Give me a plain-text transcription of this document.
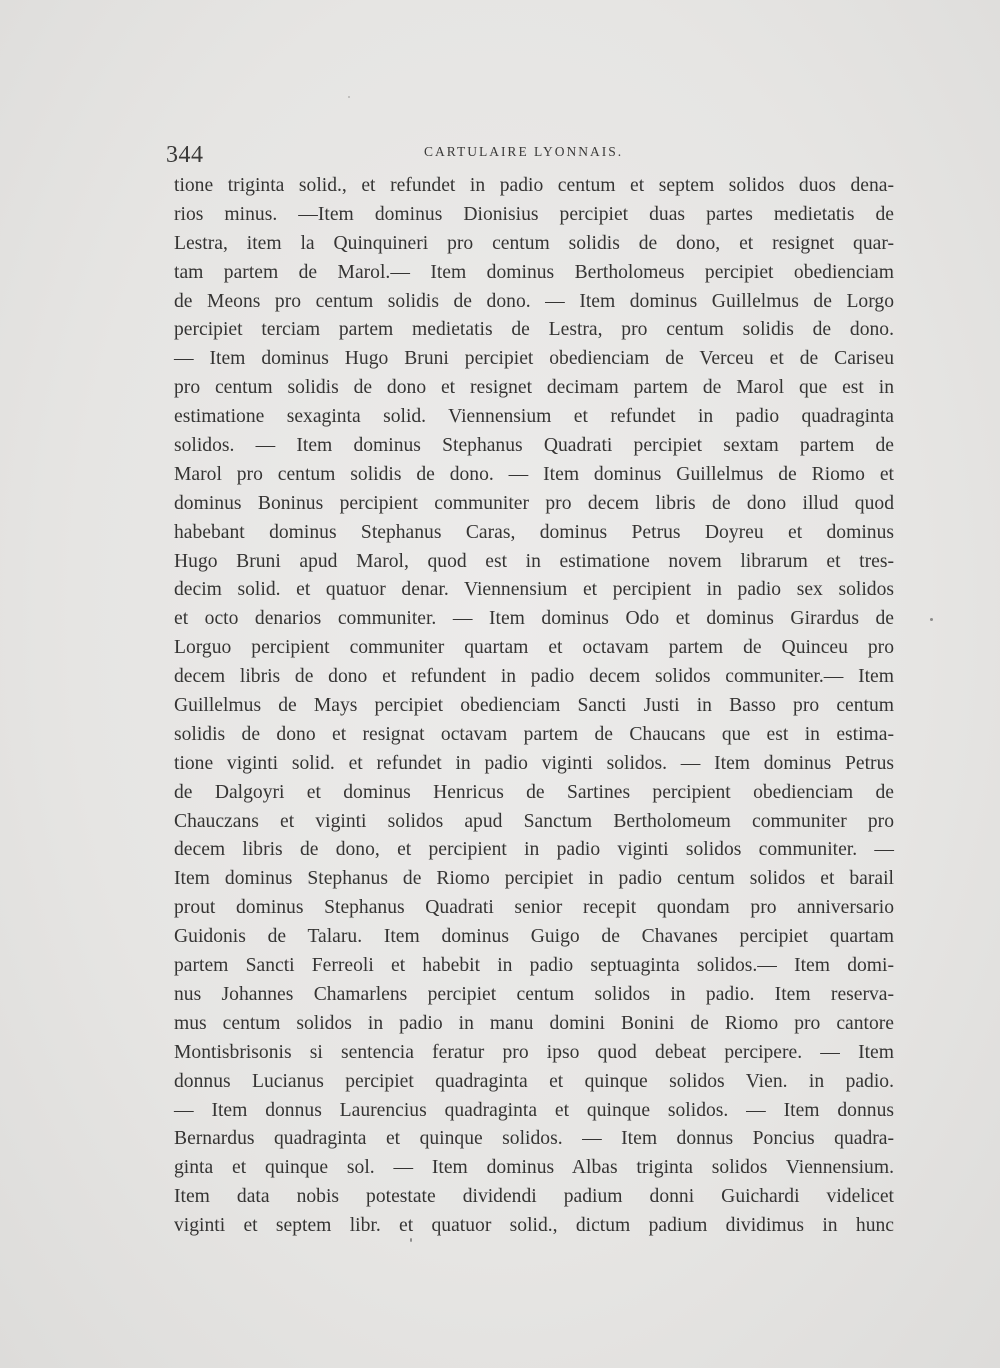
344	CARTULAIRE LYONNAIS.
tione triginta solid., et refundet in padio centum et septem solidos duos dena-
rios minus. —Item dominus Dionisius percipiet duas partes medietatis de
Lestra, item la Quinquineri pro centum solidis de dono, et resignet quar-
tam partem de Marol.— Item dominus Bertholomeus percipiet obedienciam
de Meons pro centum solidis de dono. — Item dominus Guillelmus de Lorgo
percipiet terciam partem medietatis de Lestra, pro centum solidis de dono.
— Item dominus Hugo Bruni percipiet obedienciam de Verceu et de Cariseu
pro centum solidis de dono et resignet decimam partem de Marol que est in
estimatione sexaginta solid. Viennensium et refundet in padio quadraginta
solidos. — Item dominus Stephanus Quadrati percipiet sextam partem de
Marol pro centum solidis de dono. — Item dominus Guillelmus de Riomo et
dominus Boninus percipient communiter pro decem libris de dono illud quod
habebant dominus Stephanus Caras, dominus Petrus Doyreu et dominus
Hugo Bruni apud Marol, quod est in estimatione novem librarum et tres-
decim solid. et quatuor denar. Viennensium et percipient in padio sex solidos
et octo denarios communiter. — Item dominus Odo et dominus Girardus de
Lorguo percipient communiter quartam et octavam partem de Quinceu pro
decem libris de dono et refundent in padio decem solidos communiter.— Item
Guillelmus de Mays percipiet obedienciam Sancti Justi in Basso pro centum
solidis de dono et resignat octavam partem de Chaucans que est in estima-
tione viginti solid. et refundet in padio viginti solidos. — Item dominus Petrus
de Dalgoyri et dominus Henricus de Sartines percipient obedienciam de
Chauczans et viginti solidos apud Sanctum Bertholomeum communiter pro
decem libris de dono, et percipient in padio viginti solidos communiter. —
Item dominus Stephanus de Riomo percipiet in padio centum solidos et barail
prout dominus Stephanus Quadrati senior recepit quondam pro anniversario
Guidonis de Talaru. Item dominus Guigo de Chavanes percipiet quartam
partem Sancti Ferreoli et habebit in padio septuaginta solidos.— Item domi-
nus Johannes Chamarlens percipiet centum solidos in padio. Item reserva-
mus centum solidos in padio in manu domini Bonini de Riomo pro cantore
Montisbrisonis si sentencia feratur pro ipso quod debeat percipere. — Item
donnus Lucianus percipiet quadraginta et quinque solidos Vien. in padio.
— Item donnus Laurencius quadraginta et quinque solidos. — Item donnus
Bernardus quadraginta et quinque solidos. — Item donnus Poncius quadra-
ginta et quinque sol. — Item dominus Albas triginta solidos Viennensium.
Item data nobis potestate dividendi padium donni Guichardi videlicet
viginti et septem libr. et quatuor solid., dictum padium dividimus in hunc
